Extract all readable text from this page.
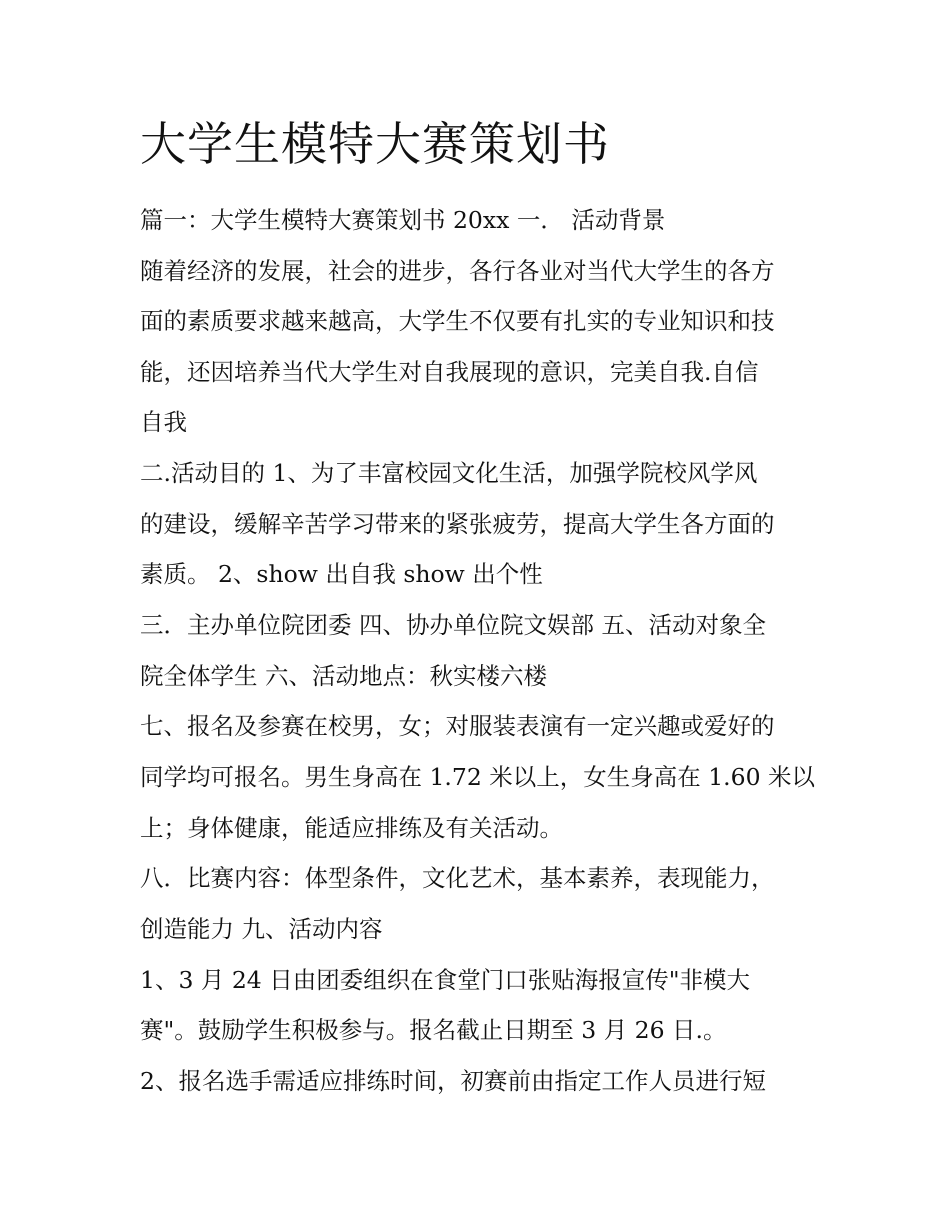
大学生模特大赛策划书
篇一：大学生模特大赛策划书 20xx 一． 活动背景
随着经济的发展，社会的进步，各行各业对当代大学生的各方
面的素质要求越来越高，大学生不仅要有扎实的专业知识和技
能，还因培养当代大学生对自我展现的意识，完美自我.自信
自我
二.活动目的 1、为了丰富校园文化生活，加强学院校风学风
的建设，缓解辛苦学习带来的紧张疲劳，提高大学生各方面的
素质。 2、show 出自我 show 出个性
三．主办单位院团委 四、协办单位院文娱部 五、活动对象全
院全体学生 六、活动地点：秋实楼六楼
七、报名及参赛在校男，女；对服装表演有一定兴趣或爱好的
同学均可报名。男生身高在 1.72 米以上，女生身高在 1.60 米以
上；身体健康，能适应排练及有关活动。
八．比赛内容：体型条件，文化艺术，基本素养，表现能力，
创造能力 九、活动内容
1、3 月 24 日由团委组织在食堂门口张贴海报宣传"非模大
赛"。鼓励学生积极参与。报名截止日期至 3 月 26 日.。
2、报名选手需适应排练时间，初赛前由指定工作人员进行短
